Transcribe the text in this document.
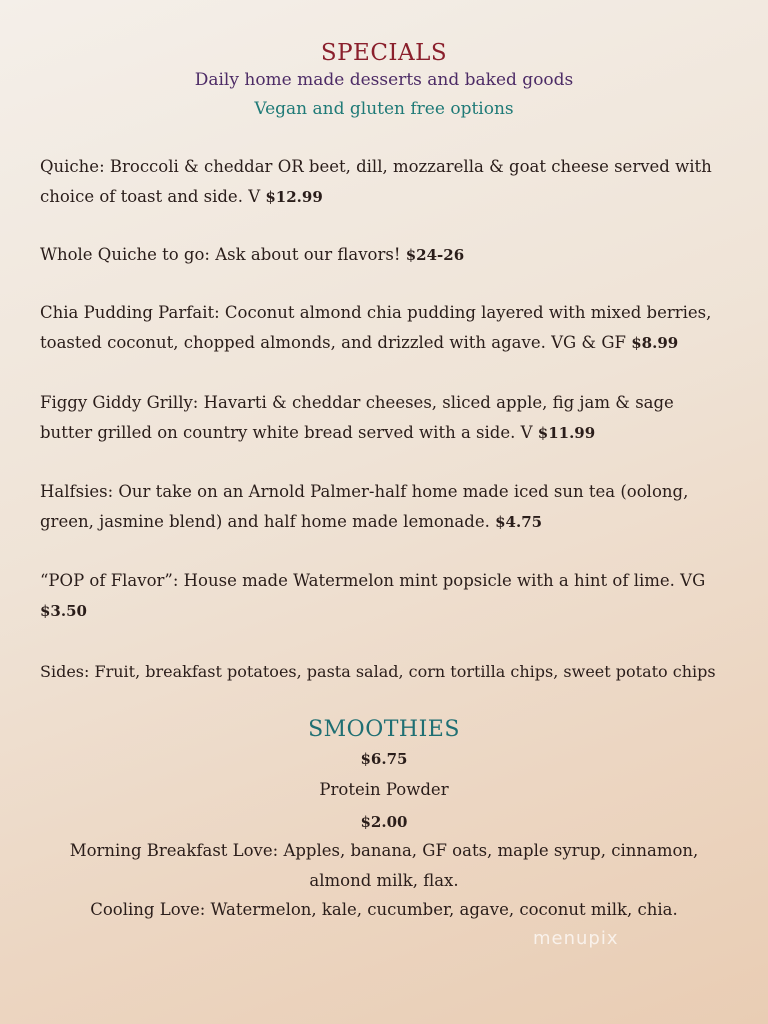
SPECIALS
Daily home made desserts and baked goods
Vegan and gluten free options
Quiche: Broccoli & cheddar OR beet, dill, mozzarella & goat cheese served with choice of toast and side. V $12.99
Whole Quiche to go: Ask about our flavors! $24-26
Chia Pudding Parfait: Coconut almond chia pudding layered with mixed berries, toasted coconut, chopped almonds, and drizzled with agave. VG & GF $8.99
Figgy Giddy Grilly: Havarti & cheddar cheeses, sliced apple, fig jam & sage butter grilled on country white bread served with a side. V $11.99
Halfsies: Our take on an Arnold Palmer-half home made iced sun tea (oolong, green, jasmine blend) and half home made lemonade. $4.75
“POP of Flavor”: House made Watermelon mint popsicle with a hint of lime. VG $3.50
Sides: Fruit, breakfast potatoes, pasta salad, corn tortilla chips, sweet potato chips
SMOOTHIES
$6.75
Protein Powder
$2.00
Morning Breakfast Love: Apples, banana, GF oats, maple syrup, cinnamon,
almond milk, flax.
Cooling Love: Watermelon, kale, cucumber, agave, coconut milk, chia.
menupix
